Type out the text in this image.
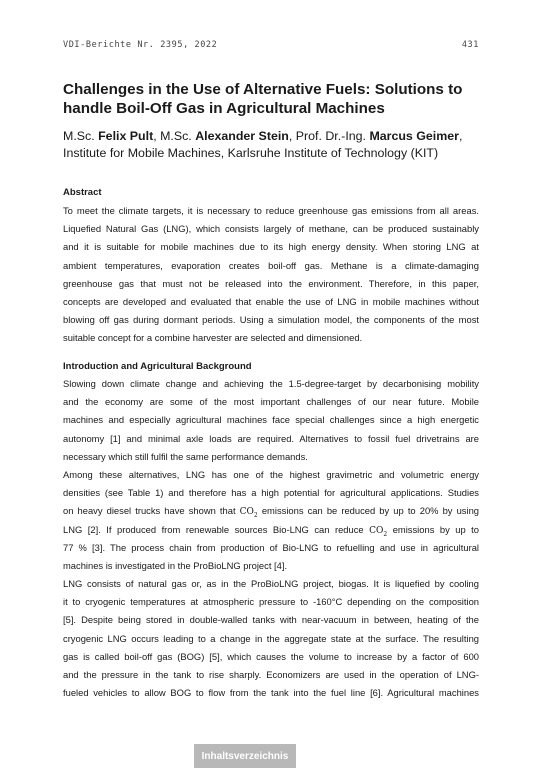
VDI-Berichte Nr. 2395, 2022	431
Challenges in the Use of Alternative Fuels: Solutions to
handle Boil-Off Gas in Agricultural Machines
M.Sc. Felix Pult, M.Sc. Alexander Stein, Prof. Dr.-Ing. Marcus Geimer,
Institute for Mobile Machines, Karlsruhe Institute of Technology (KIT)
Abstract
To meet the climate targets, it is necessary to reduce greenhouse gas emissions from all areas.
Liquefied Natural Gas (LNG), which consists largely of methane, can be produced sustainably
and it is suitable for mobile machines due to its high energy density. When storing LNG at
ambient temperatures, evaporation creates boil-off gas. Methane is a climate-damaging
greenhouse gas that must not be released into the environment. Therefore, in this paper,
concepts are developed and evaluated that enable the use of LNG in mobile machines without
blowing off gas during dormant periods. Using a simulation model, the components of the most
suitable concept for a combine harvester are selected and dimensioned.
Introduction and Agricultural Background
Slowing down climate change and achieving the 1.5-degree-target by decarbonising mobility
and the economy are some of the most important challenges of our near future. Mobile
machines and especially agricultural machines face special challenges since a high energetic
autonomy [1] and minimal axle loads are required. Alternatives to fossil fuel drivetrains are
necessary which still fulfil the same performance demands.
Among these alternatives, LNG has one of the highest gravimetric and volumetric energy
densities (see Table 1) and therefore has a high potential for agricultural applications. Studies
on heavy diesel trucks have shown that $CO_2$ emissions can be reduced by up to 20% by using
LNG [2]. If produced from renewable sources Bio-LNG can reduce $CO_2$ emissions by up to
77 % [3]. The process chain from production of Bio-LNG to refuelling and use in agricultural
machines is investigated in the ProBioLNG project [4].
LNG consists of natural gas or, as in the ProBioLNG project, biogas. It is liquefied by cooling
it to cryogenic temperatures at atmospheric pressure to -160°C depending on the composition
[5]. Despite being stored in double-walled tanks with near-vacuum in between, heating of the
cryogenic LNG occurs leading to a change in the aggregate state at the surface. The resulting
gas is called boil-off gas (BOG) [5], which causes the volume to increase by a factor of 600
and the pressure in the tank to rise sharply. Economizers are used in the operation of LNG-
fueled vehicles to allow BOG to flow from the tank into the fuel line [6]. Agricultural machines
Inhaltsverzeichnis
